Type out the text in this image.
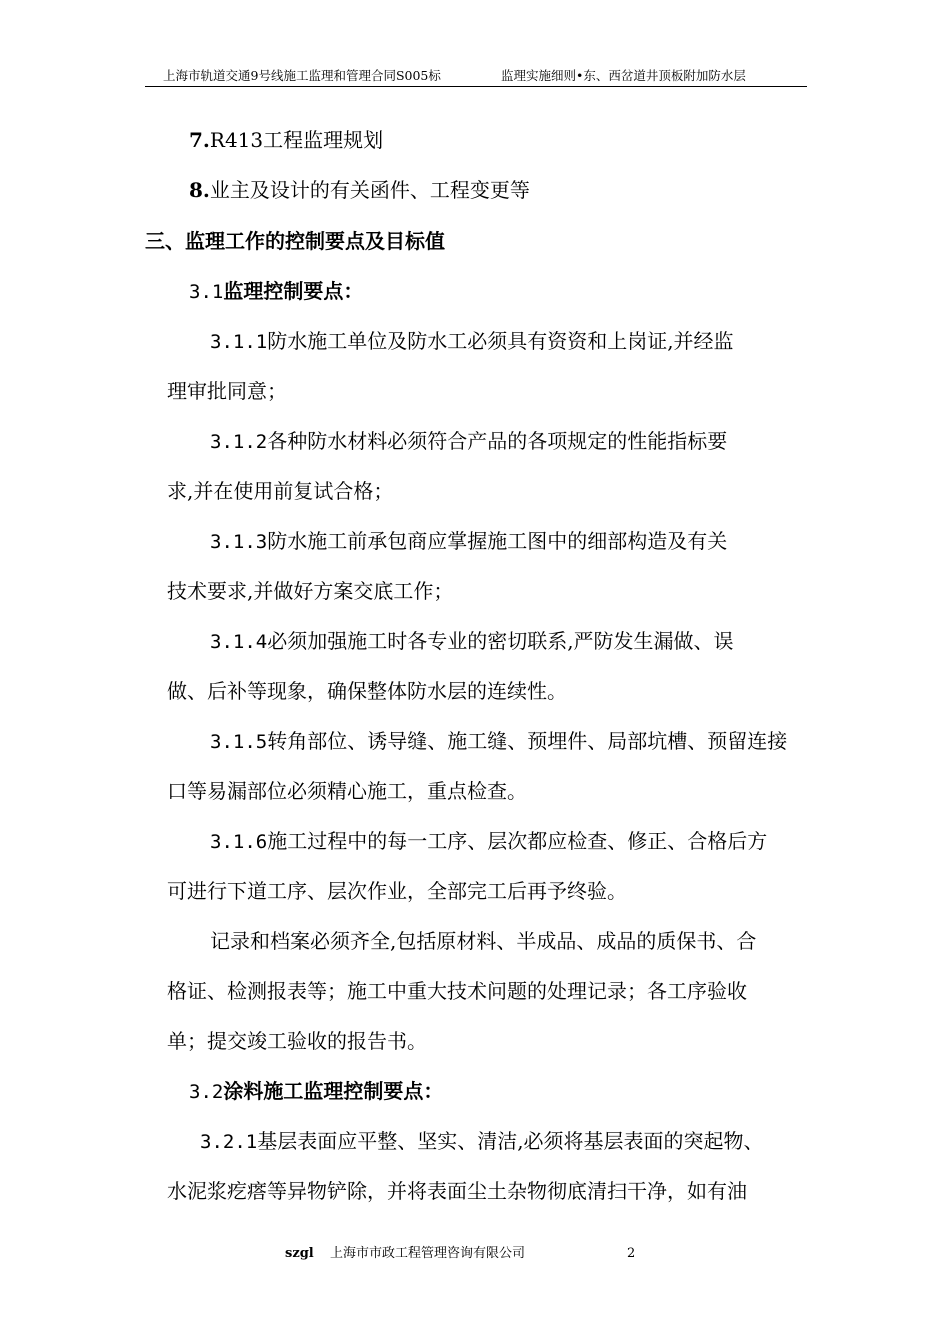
上海市轨道交通9号线施工监理和管理合同S005标	监理实施细则•东、西岔道井顶板附加防水层
7.R413工程监理规划
8.业主及设计的有关函件、工程变更等
三、监理工作的控制要点及目标值
3.1监理控制要点：
3.1.1防水施工单位及防水工必须具有资资和上岗证,并经监
理审批同意；
3.1.2各种防水材料必须符合产品的各项规定的性能指标要
求,并在使用前复试合格；
3.1.3防水施工前承包商应掌握施工图中的细部构造及有关
技术要求,并做好方案交底工作；
3.1.4必须加强施工时各专业的密切联系,严防发生漏做、误
做、后补等现象，确保整体防水层的连续性。
3.1.5转角部位、诱导缝、施工缝、预埋件、局部坑槽、预留连接
口等易漏部位必须精心施工，重点检查。
3.1.6施工过程中的每一工序、层次都应检查、修正、合格后方
可进行下道工序、层次作业，全部完工后再予终验。
记录和档案必须齐全,包括原材料、半成品、成品的质保书、合
格证、检测报表等；施工中重大技术问题的处理记录；各工序验收
单；提交竣工验收的报告书。
3.2涂料施工监理控制要点：
3.2.1基层表面应平整、坚实、清洁,必须将基层表面的突起物、
水泥浆疙瘩等异物铲除，并将表面尘土杂物彻底清扫干净，如有油
szgl 上海市市政工程管理咨询有限公司	2
